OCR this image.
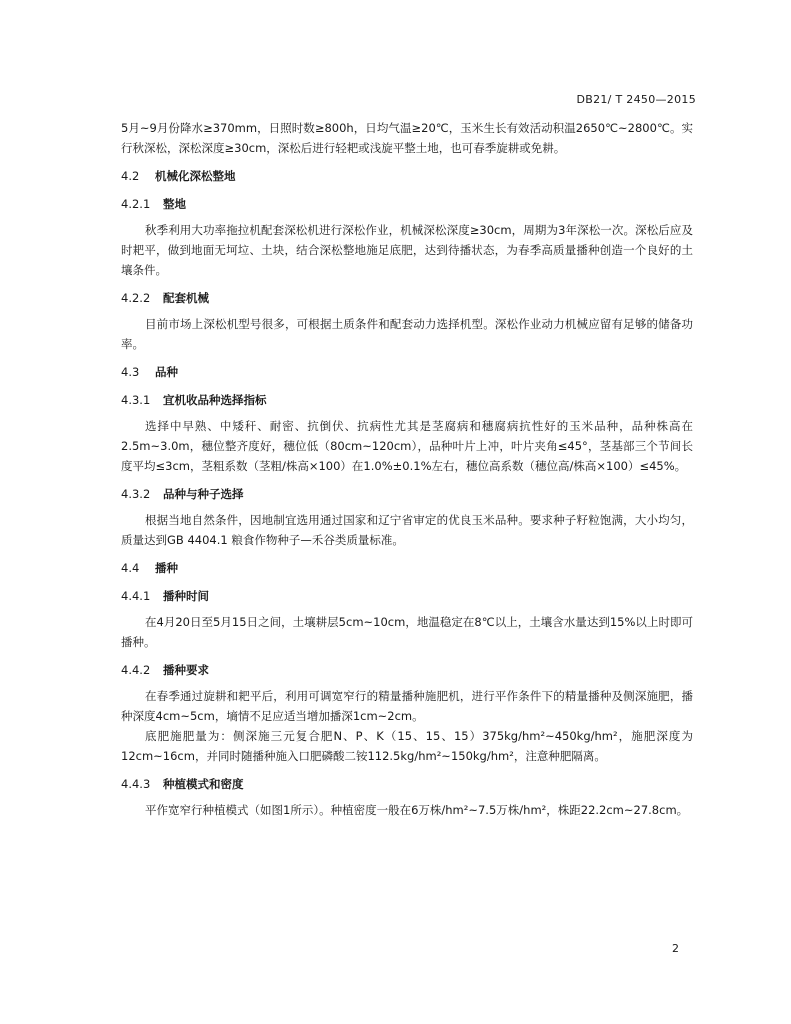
DB21/ T 2450—2015

5月~9月份降水≥370mm，日照时数≥800h，日均气温≥20℃，玉米生长有效活动积温2650℃~2800℃。实行秋深松，深松深度≥30cm，深松后进行轻耙或浅旋平整土地，也可春季旋耕或免耕。

4.2 机械化深松整地
4.2.1 整地

秋季利用大功率拖拉机配套深松机进行深松作业，机械深松深度≥30cm，周期为3年深松一次。深松后应及时耙平，做到地面无坷垃、土块，结合深松整地施足底肥，达到待播状态，为春季高质量播种创造一个良好的土壤条件。

4.2.2 配套机械

目前市场上深松机型号很多，可根据土质条件和配套动力选择机型。深松作业动力机械应留有足够的储备功率。

4.3 品种
4.3.1 宜机收品种选择指标

选择中早熟、中矮秆、耐密、抗倒伏、抗病性尤其是茎腐病和穗腐病抗性好的玉米品种，品种株高在2.5m~3.0m，穗位整齐度好，穗位低（80cm~120cm），品种叶片上冲，叶片夹角≤45°，茎基部三个节间长度平均≤3cm，茎粗系数（茎粗/株高×100）在1.0%±0.1%左右，穗位高系数（穗位高/株高×100）≤45%。

4.3.2 品种与种子选择

根据当地自然条件，因地制宜选用通过国家和辽宁省审定的优良玉米品种。要求种子籽粒饱满，大小均匀，质量达到GB 4404.1 粮食作物种子—禾谷类质量标准。

4.4 播种
4.4.1 播种时间

在4月20日至5月15日之间，土壤耕层5cm~10cm，地温稳定在8℃以上，土壤含水量达到15%以上时即可播种。

4.4.2 播种要求

在春季通过旋耕和耙平后，利用可调宽窄行的精量播种施肥机，进行平作条件下的精量播种及侧深施肥，播种深度4cm~5cm，墒情不足应适当增加播深1cm~2cm。

底肥施肥量为：侧深施三元复合肥N、P、K（15、15、15）375kg/hm²~450kg/hm²，施肥深度为12cm~16cm，并同时随播种施入口肥磷酸二铵112.5kg/hm²~150kg/hm²，注意种肥隔离。

4.4.3 种植模式和密度

平作宽窄行种植模式（如图1所示）。种植密度一般在6万株/hm²~7.5万株/hm²，株距22.2cm~27.8cm。

2
